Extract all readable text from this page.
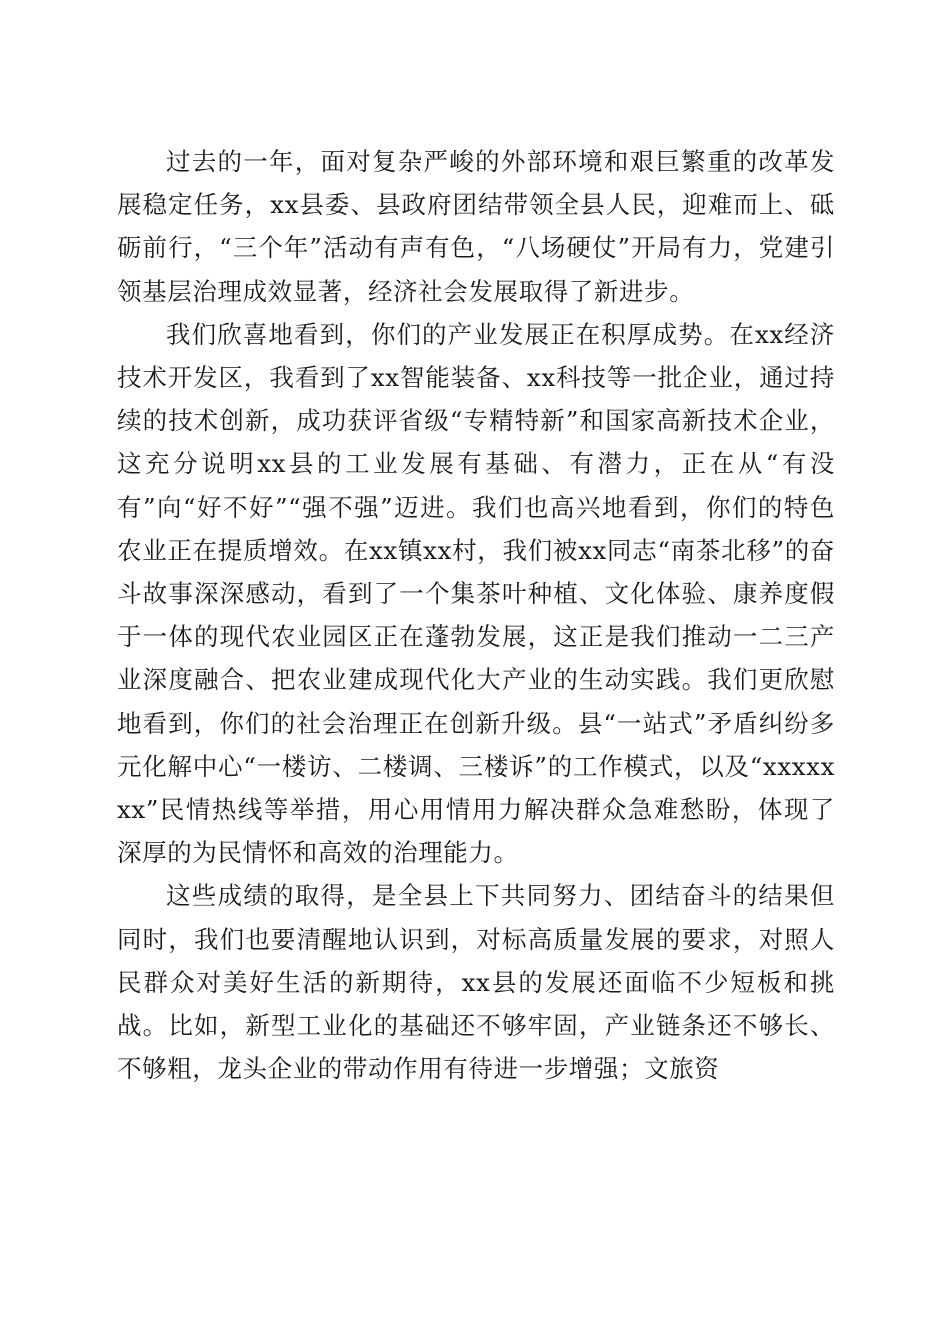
过去的一年，面对复杂严峻的外部环境和艰巨繁重的改革发展稳定任务，xx县委、县政府团结带领全县人民，迎难而上、砥砺前行，“三个年”活动有声有色，“八场硬仗”开局有力，党建引领基层治理成效显著，经济社会发展取得了新进步。

我们欣喜地看到，你们的产业发展正在积厚成势。在xx经济技术开发区，我看到了xx智能装备、xx科技等一批企业，通过持续的技术创新，成功获评省级“专精特新”和国家高新技术企业，这充分说明xx县的工业发展有基础、有潜力，正在从“有没有”向“好不好”“强不强”迈进。我们也高兴地看到，你们的特色农业正在提质增效。在xx镇xx村，我们被xx同志“南茶北移”的奋斗故事深深感动，看到了一个集茶叶种植、文化体验、康养度假于一体的现代农业园区正在蓬勃发展，这正是我们推动一二三产业深度融合、把农业建成现代化大产业的生动实践。我们更欣慰地看到，你们的社会治理正在创新升级。县“一站式”矛盾纠纷多元化解中心“一楼访、二楼调、三楼诉”的工作模式，以及“xxxxxxx”民情热线等举措，用心用情用力解决群众急难愁盼，体现了深厚的为民情怀和高效的治理能力。

这些成绩的取得，是全县上下共同努力、团结奋斗的结果但同时，我们也要清醒地认识到，对标高质量发展的要求，对照人民群众对美好生活的新期待，xx县的发展还面临不少短板和挑战。比如，新型工业化的基础还不够牢固，产业链条还不够长、不够粗，龙头企业的带动作用有待进一步增强；文旅资
